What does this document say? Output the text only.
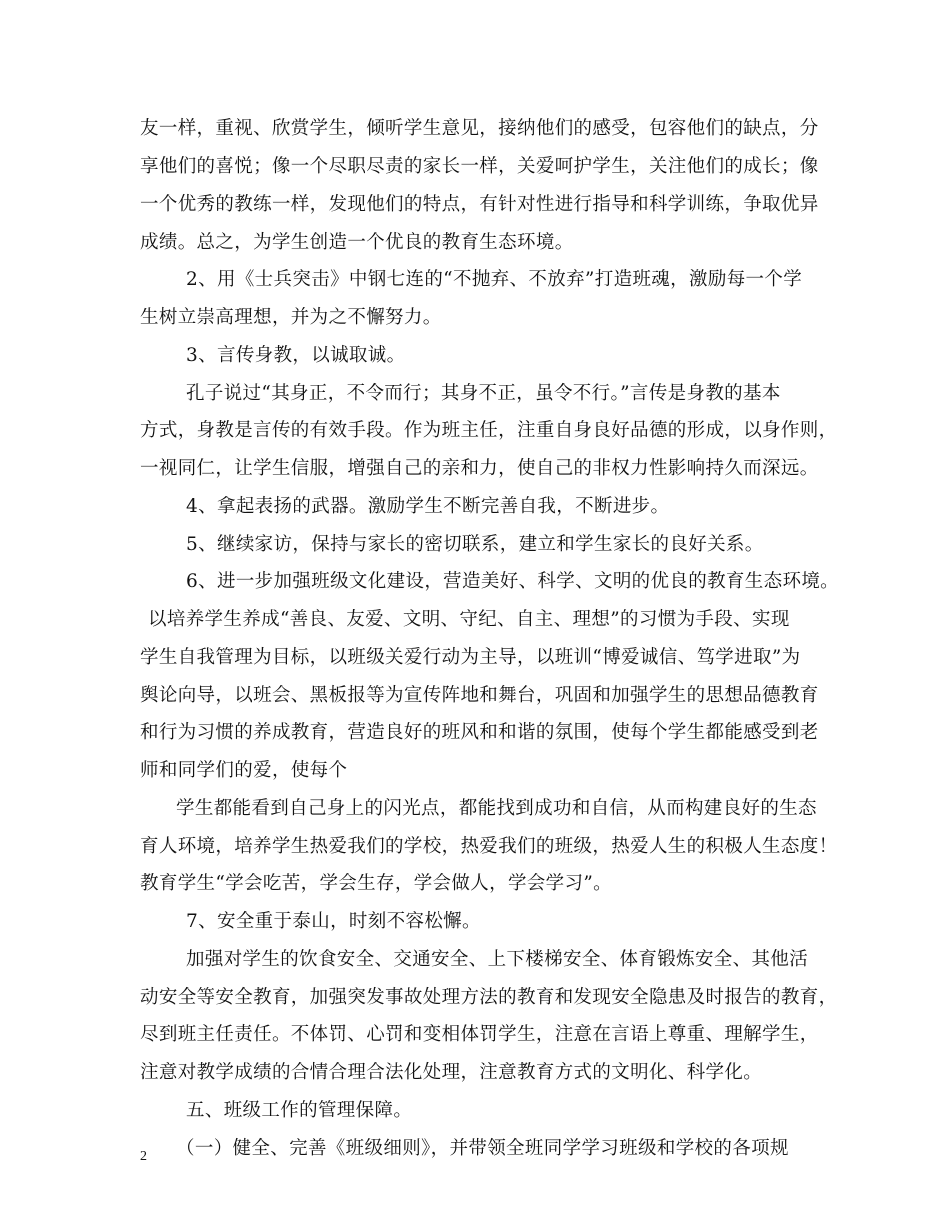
友一样，重视、欣赏学生，倾听学生意见，接纳他们的感受，包容他们的缺点，分
享他们的喜悦；像一个尽职尽责的家长一样，关爱呵护学生，关注他们的成长；像
一个优秀的教练一样，发现他们的特点，有针对性进行指导和科学训练，争取优异
成绩。总之，为学生创造一个优良的教育生态环境。
2、用《士兵突击》中钢七连的“不抛弃、不放弃”打造班魂，激励每一个学
生树立崇高理想，并为之不懈努力。
3、言传身教，以诚取诚。
孔子说过“其身正，不令而行；其身不正，虽令不行。”言传是身教的基本
方式，身教是言传的有效手段。作为班主任，注重自身良好品德的形成，以身作则，
一视同仁，让学生信服，增强自己的亲和力，使自己的非权力性影响持久而深远。
4、拿起表扬的武器。激励学生不断完善自我，不断进步。
5、继续家访，保持与家长的密切联系，建立和学生家长的良好关系。
6、进一步加强班级文化建设，营造美好、科学、文明的优良的教育生态环境。
以培养学生养成“善良、友爱、文明、守纪、自主、理想”的习惯为手段、实现
学生自我管理为目标，以班级关爱行动为主导，以班训“博爱诚信、笃学进取”为
舆论向导，以班会、黑板报等为宣传阵地和舞台，巩固和加强学生的思想品德教育
和行为习惯的养成教育，营造良好的班风和和谐的氛围，使每个学生都能感受到老
师和同学们的爱，使每个
学生都能看到自己身上的闪光点，都能找到成功和自信，从而构建良好的生态
育人环境，培养学生热爱我们的学校，热爱我们的班级，热爱人生的积极人生态度！
教育学生“学会吃苦，学会生存，学会做人，学会学习”。
7、安全重于泰山，时刻不容松懈。
加强对学生的饮食安全、交通安全、上下楼梯安全、体育锻炼安全、其他活
动安全等安全教育，加强突发事故处理方法的教育和发现安全隐患及时报告的教育，
尽到班主任责任。不体罚、心罚和变相体罚学生，注意在言语上尊重、理解学生，
注意对教学成绩的合情合理合法化处理，注意教育方式的文明化、科学化。
五、班级工作的管理保障。
（一）健全、完善《班级细则》，并带领全班同学学习班级和学校的各项规
2
